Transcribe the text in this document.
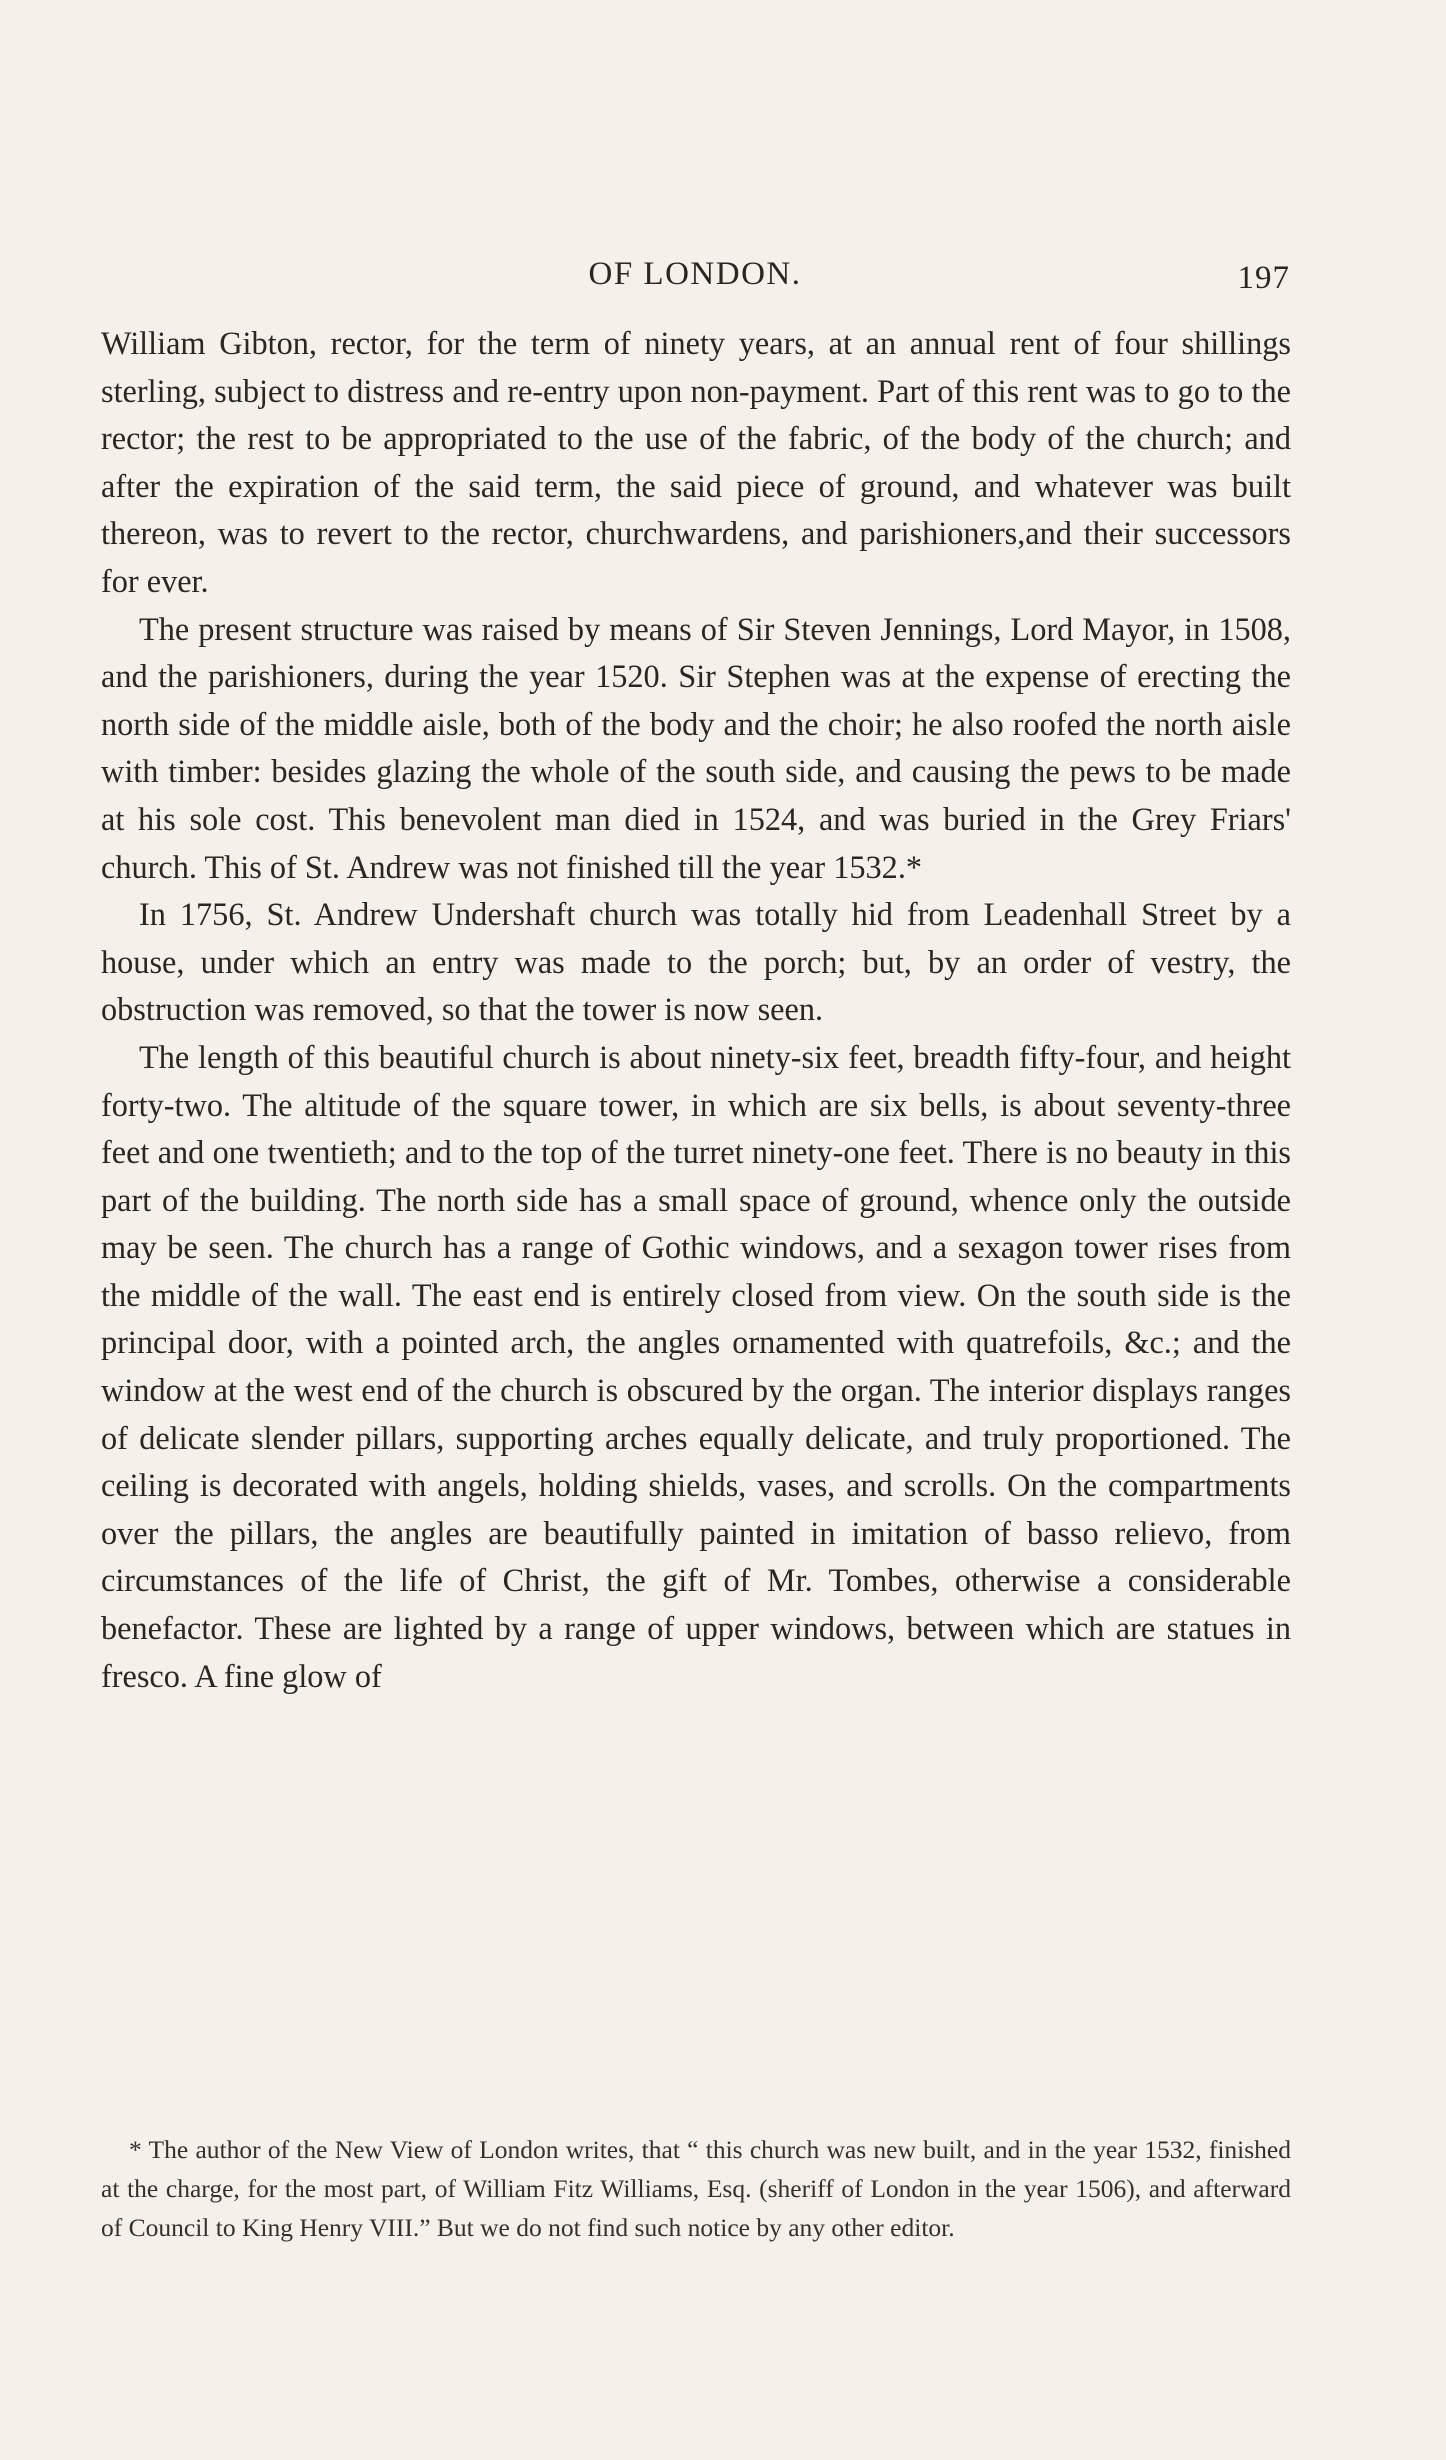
OF LONDON.	197

William Gibton, rector, for the term of ninety years, at an annual rent of four shillings sterling, subject to distress and re-entry upon non-payment. Part of this rent was to go to the rector; the rest to be appropriated to the use of the fabric, of the body of the church; and after the expiration of the said term, the said piece of ground, and whatever was built thereon, was to revert to the rector, churchwardens, and parishioners,and their successors for ever.

The present structure was raised by means of Sir Steven Jennings, Lord Mayor, in 1508, and the parishioners, during the year 1520. Sir Stephen was at the expense of erecting the north side of the middle aisle, both of the body and the choir; he also roofed the north aisle with timber: besides glazing the whole of the south side, and causing the pews to be made at his sole cost. This benevolent man died in 1524, and was buried in the Grey Friars' church. This of St. Andrew was not finished till the year 1532.*

In 1756, St. Andrew Undershaft church was totally hid from Leadenhall Street by a house, under which an entry was made to the porch; but, by an order of vestry, the obstruction was removed, so that the tower is now seen.

The length of this beautiful church is about ninety-six feet, breadth fifty-four, and height forty-two. The altitude of the square tower, in which are six bells, is about seventy-three feet and one twentieth; and to the top of the turret ninety-one feet. There is no beauty in this part of the building. The north side has a small space of ground, whence only the outside may be seen. The church has a range of Gothic windows, and a sexagon tower rises from the middle of the wall. The east end is entirely closed from view. On the south side is the principal door, with a pointed arch, the angles ornamented with quatrefoils, &c.; and the window at the west end of the church is obscured by the organ. The interior displays ranges of delicate slender pillars, supporting arches equally delicate, and truly proportioned. The ceiling is decorated with angels, holding shields, vases, and scrolls. On the compartments over the pillars, the angles are beautifully painted in imitation of basso relievo, from circumstances of the life of Christ, the gift of Mr. Tombes, otherwise a considerable benefactor. These are lighted by a range of upper windows, between which are statues in fresco. A fine glow of

* The author of the New View of London writes, that “ this church was new built, and in the year 1532, finished at the charge, for the most part, of William Fitz Williams, Esq. (sheriff of London in the year 1506), and afterward of Council to King Henry VIII.” But we do not find such notice by any other editor.
